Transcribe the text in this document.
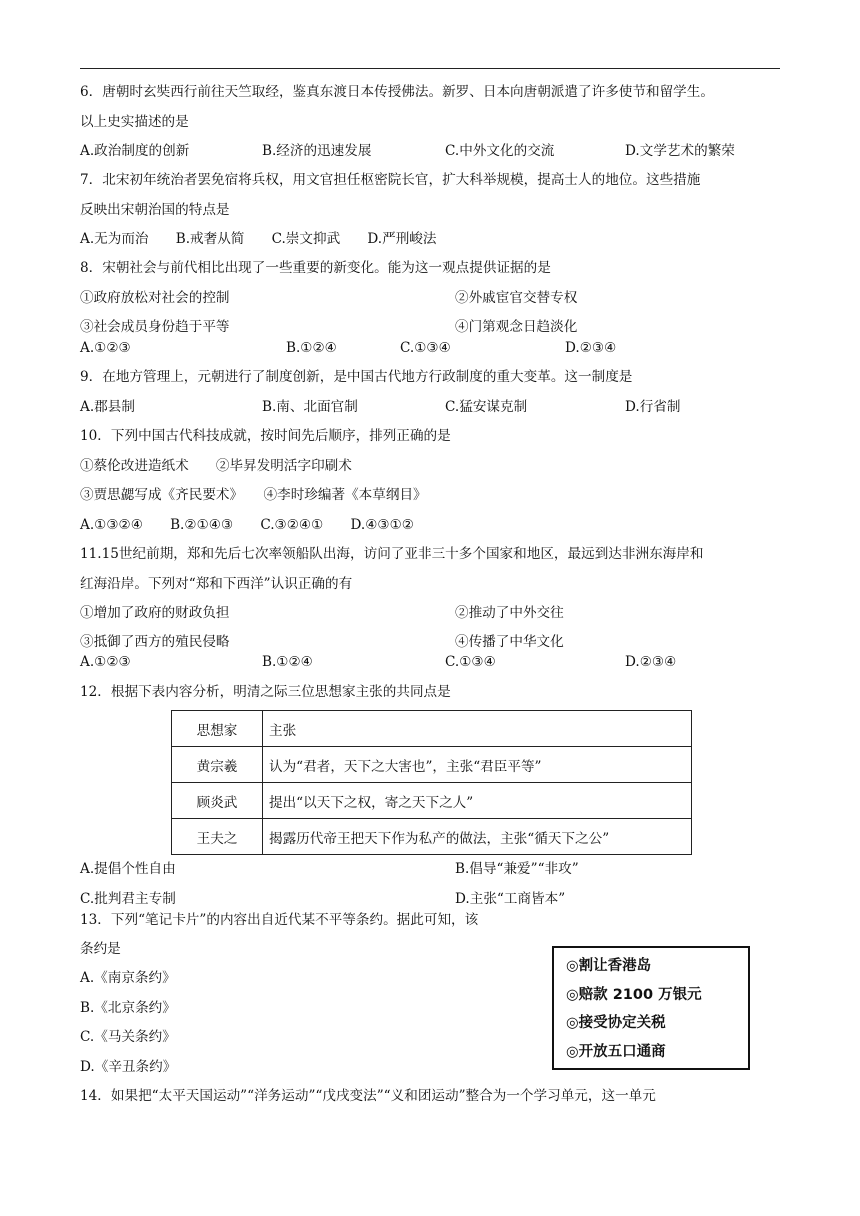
6．唐朝时玄奘西行前往天竺取经，鉴真东渡日本传授佛法。新罗、日本向唐朝派遣了许多使节和留学生。
以上史实描述的是
A.政治制度的创新	B.经济的迅速发展	C.中外文化的交流	D.文学艺术的繁荣
7．北宋初年统治者罢免宿将兵权，用文官担任枢密院长官，扩大科举规模，提高士人的地位。这些措施
反映出宋朝治国的特点是
A.无为而治　　B.戒奢从简　　C.崇文抑武　　D.严刑峻法
8．宋朝社会与前代相比出现了一些重要的新变化。能为这一观点提供证据的是
①政府放松对社会的控制	②外戚宦官交替专权
③社会成员身份趋于平等	④门第观念日趋淡化
A.①②③	B.①②④	C.①③④	D.②③④
9．在地方管理上，元朝进行了制度创新，是中国古代地方行政制度的重大变革。这一制度是
A.郡县制	B.南、北面官制	C.猛安谋克制	D.行省制
10．下列中国古代科技成就，按时间先后顺序，排列正确的是
①蔡伦改进造纸术　　②毕昇发明活字印刷术
③贾思勰写成《齐民要术》　　④李时珍编著《本草纲目》
A.①③②④　　B.②①④③　　C.③②④①　　D.④③①②
11.15世纪前期，郑和先后七次率领船队出海，访问了亚非三十多个国家和地区，最远到达非洲东海岸和
红海沿岸。下列对“郑和下西洋”认识正确的有
①增加了政府的财政负担	②推动了中外交往
③抵御了西方的殖民侵略	④传播了中华文化
A.①②③	B.①②④	C.①③④	D.②③④
12．根据下表内容分析，明清之际三位思想家主张的共同点是
思想家	主张
黄宗羲	认为“君者，天下之大害也”，主张“君臣平等”
顾炎武	提出“以天下之权，寄之天下之人”
王夫之	揭露历代帝王把天下作为私产的做法，主张“循天下之公”
A.提倡个性自由	B.倡导“兼爱”“非攻”
C.批判君主专制	D.主张“工商皆本”
13．下列“笔记卡片”的内容出自近代某不平等条约。据此可知，该
条约是
A.《南京条约》
B.《北京条约》
C.《马关条约》
D.《辛丑条约》
◎割让香港岛
◎赔款 2100 万银元
◎接受协定关税
◎开放五口通商
14．如果把“太平天国运动”“洋务运动”“戊戌变法”“义和团运动”整合为一个学习单元，这一单元
